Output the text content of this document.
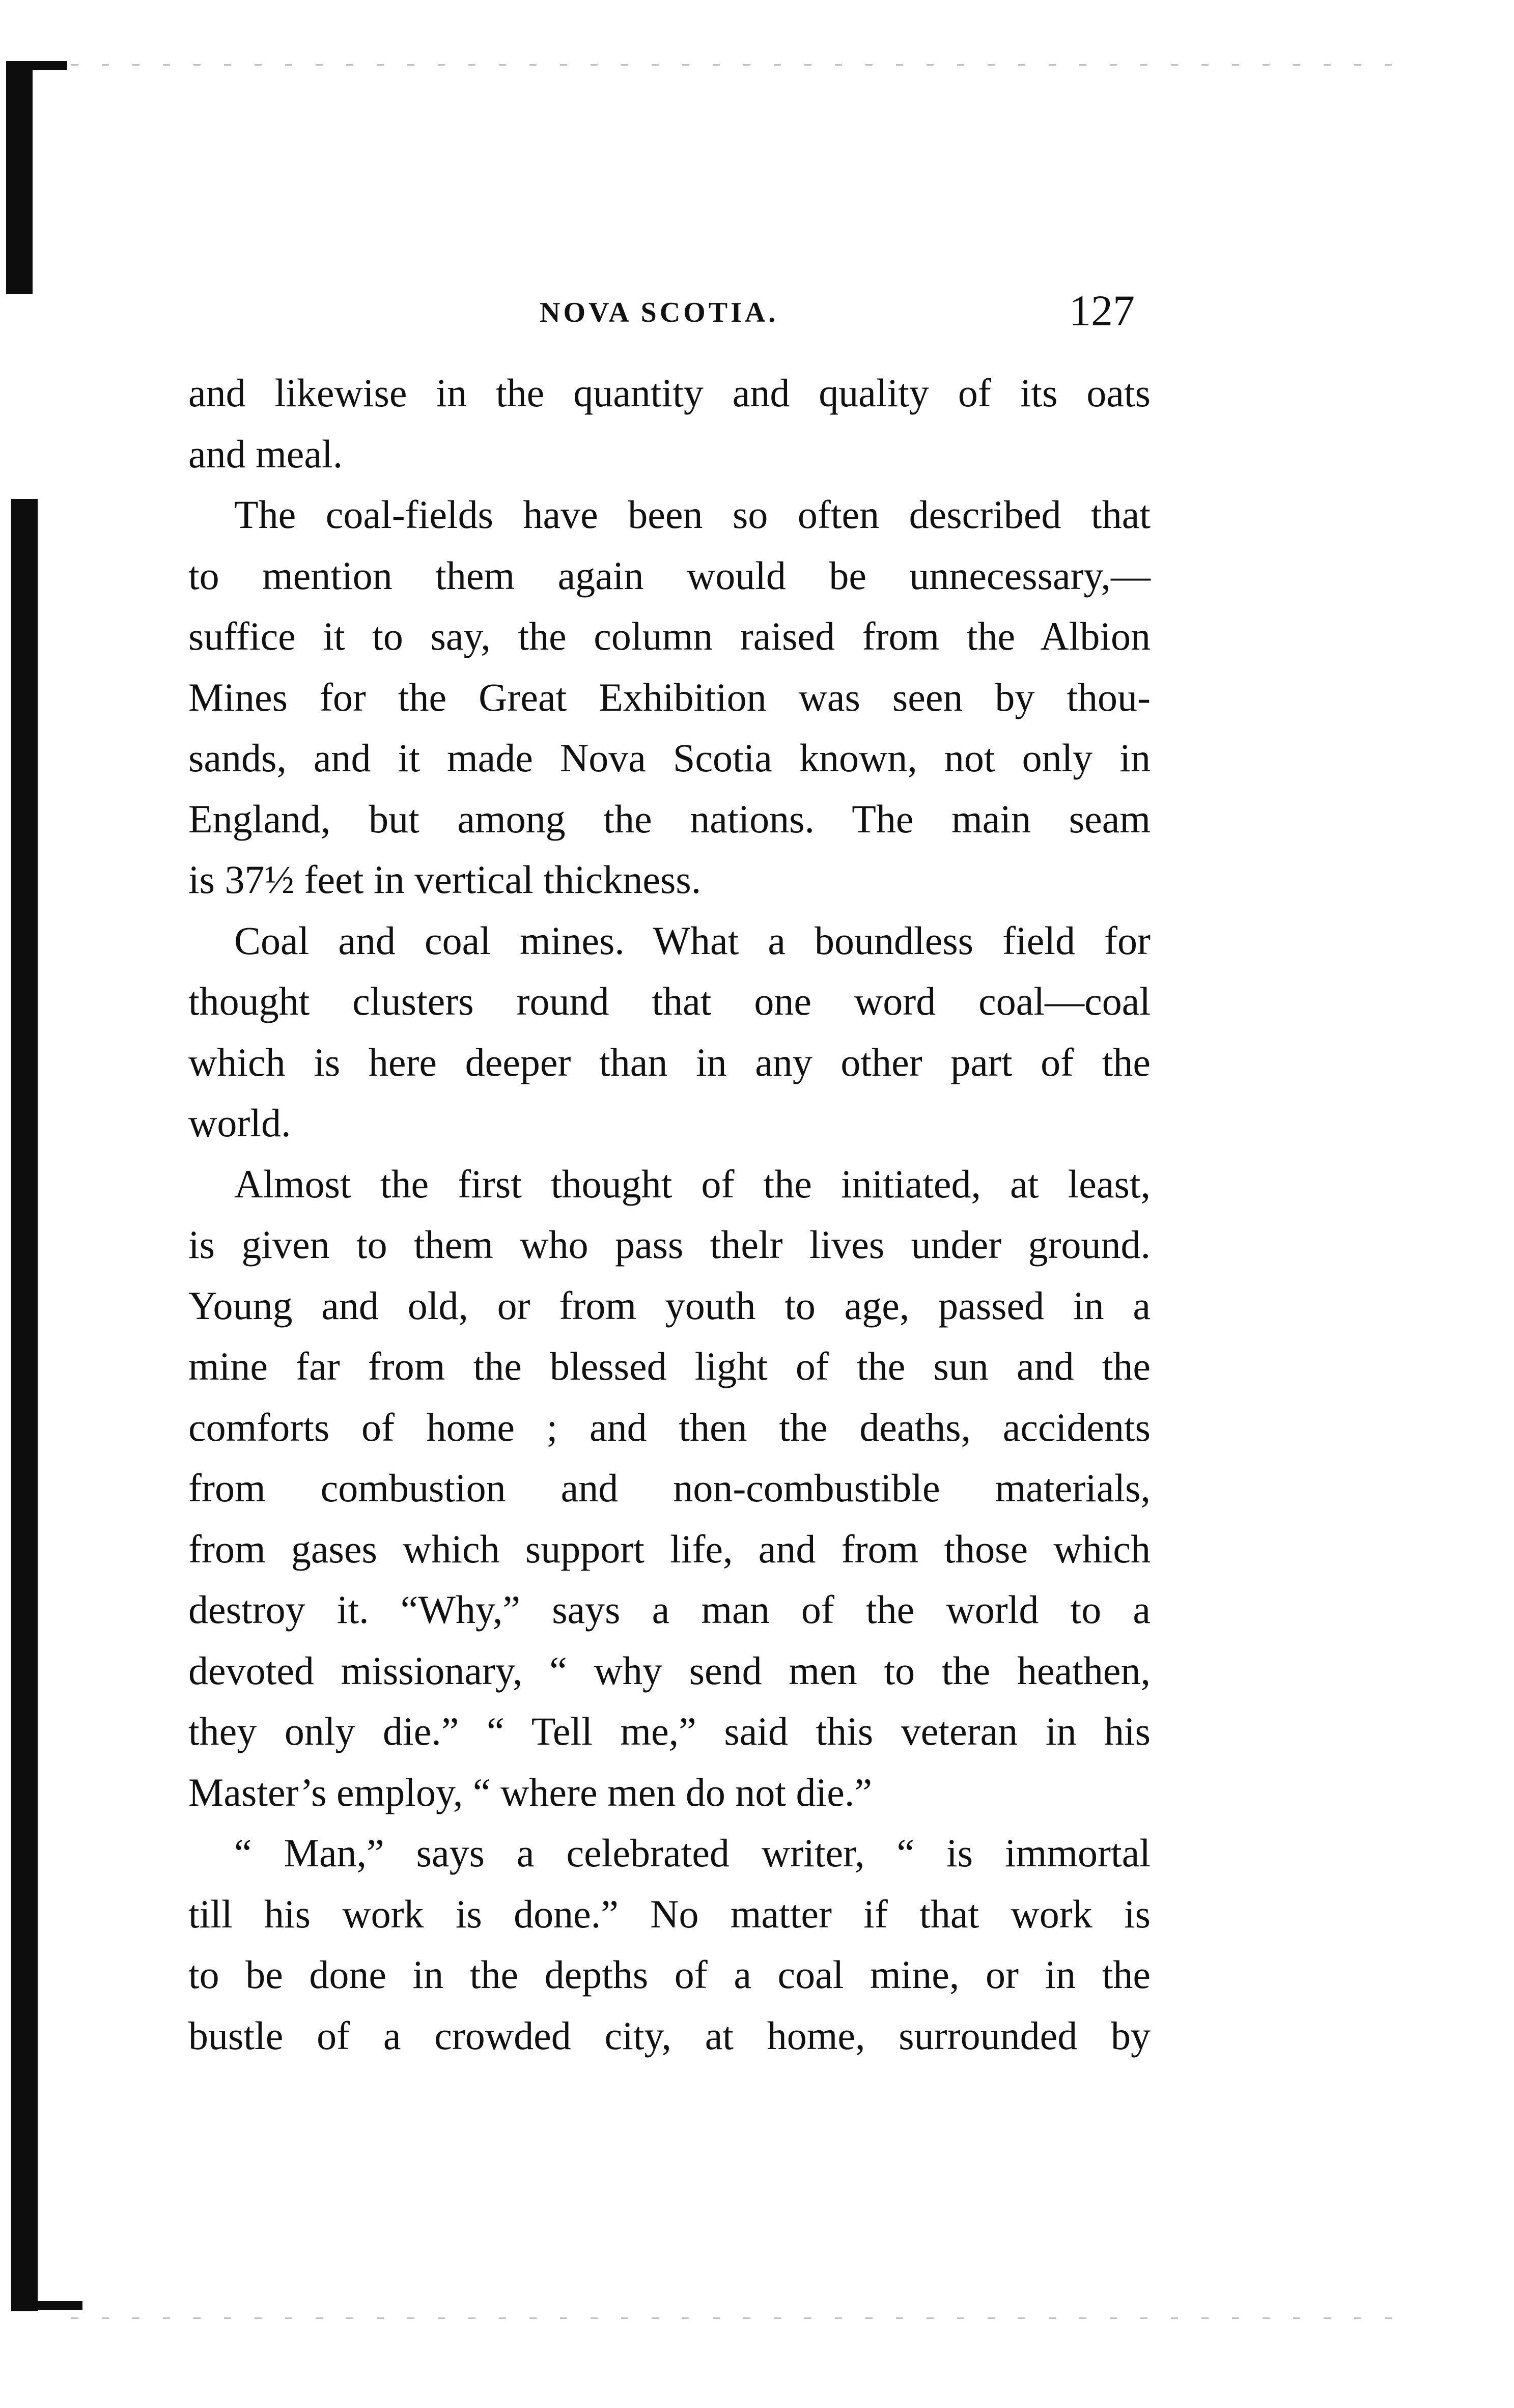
NOVA SCOTIA.	127
and likewise in the quantity and quality of its oats
and meal.
The coal-fields have been so often described that
to mention them again would be unnecessary,—
suffice it to say, the column raised from the Albion
Mines for the Great Exhibition was seen by thou-
sands, and it made Nova Scotia known, not only in
England, but among the nations. The main seam
is 37½ feet in vertical thickness.
Coal and coal mines. What a boundless field for
thought clusters round that one word coal—coal
which is here deeper than in any other part of the
world.
Almost the first thought of the initiated, at least,
is given to them who pass thelr lives under ground.
Young and old, or from youth to age, passed in a
mine far from the blessed light of the sun and the
comforts of home ; and then the deaths, accidents
from combustion and non-combustible materials,
from gases which support life, and from those which
destroy it. “Why,” says a man of the world to a
devoted missionary, “ why send men to the heathen,
they only die.” “ Tell me,” said this veteran in his
Master’s employ, “ where men do not die.”
“ Man,” says a celebrated writer, “ is immortal
till his work is done.” No matter if that work is
to be done in the depths of a coal mine, or in the
bustle of a crowded city, at home, surrounded by
